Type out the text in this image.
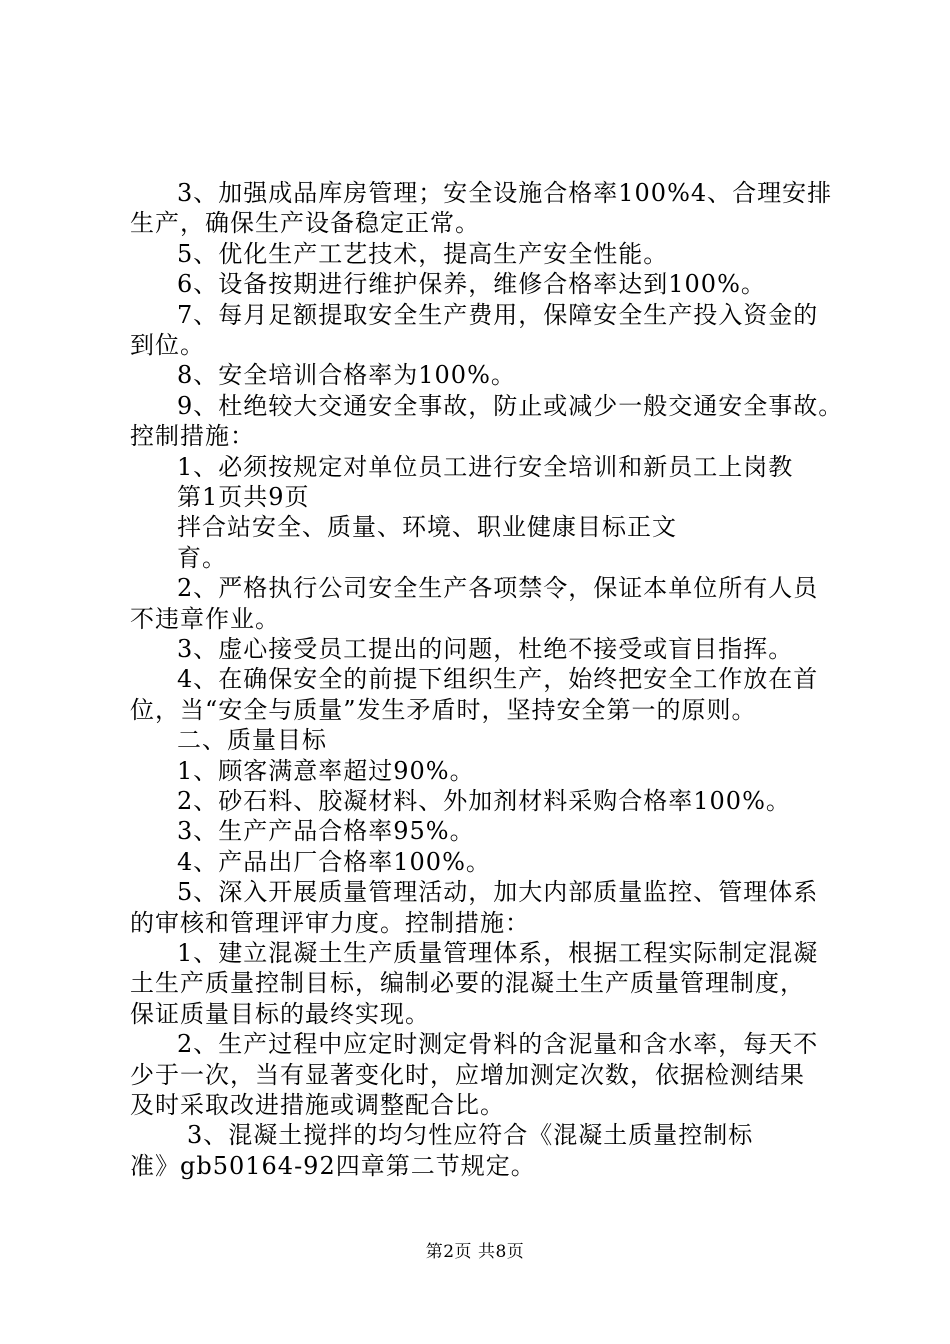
3、加强成品库房管理；安全设施合格率100%4、合理安排
生产，确保生产设备稳定正常。
5、优化生产工艺技术，提高生产安全性能。
6、设备按期进行维护保养，维修合格率达到100%。
7、每月足额提取安全生产费用，保障安全生产投入资金的
到位。
8、安全培训合格率为100%。
9、杜绝较大交通安全事故，防止或减少一般交通安全事故。
控制措施：
1、必须按规定对单位员工进行安全培训和新员工上岗教
第1页共9页
拌合站安全、质量、环境、职业健康目标正文
育。
2、严格执行公司安全生产各项禁令，保证本单位所有人员
不违章作业。
3、虚心接受员工提出的问题，杜绝不接受或盲目指挥。
4、在确保安全的前提下组织生产，始终把安全工作放在首
位，当“安全与质量”发生矛盾时，坚持安全第一的原则。
二、质量目标
1、顾客满意率超过90%。
2、砂石料、胶凝材料、外加剂材料采购合格率100%。
3、生产产品合格率95%。
4、产品出厂合格率100%。
5、深入开展质量管理活动，加大内部质量监控、管理体系
的审核和管理评审力度。控制措施：
1、建立混凝土生产质量管理体系，根据工程实际制定混凝
土生产质量控制目标，编制必要的混凝土生产质量管理制度，
保证质量目标的最终实现。
2、生产过程中应定时测定骨料的含泥量和含水率，每天不
少于一次，当有显著变化时，应增加测定次数，依据检测结果
及时采取改进措施或调整配合比。
3、混凝土搅拌的均匀性应符合《混凝土质量控制标
准》gb50164-92四章第二节规定。
第2页 共8页
